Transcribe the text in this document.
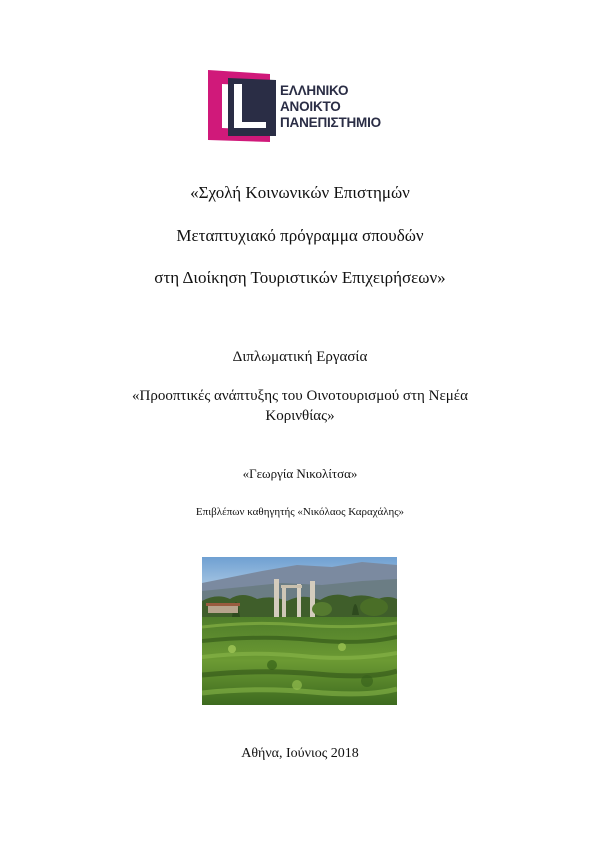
ΕΛΛΗΝΙΚΟ
ΑΝΟΙΚΤΟ
ΠΑΝΕΠΙΣΤΗΜΙΟ
«Σχολή Κοινωνικών Επιστημών
Μεταπτυχιακό πρόγραμμα σπουδών
στη Διοίκηση Τουριστικών Επιχειρήσεων»
Διπλωματική Εργασία
«Προοπτικές ανάπτυξης του Οινοτουρισμού στη Νεμέα Κορινθίας»
«Γεωργία Νικολίτσα»
Επιβλέπων καθηγητής «Νικόλαος Καραχάλης»
Αθήνα, Ιούνιος 2018
